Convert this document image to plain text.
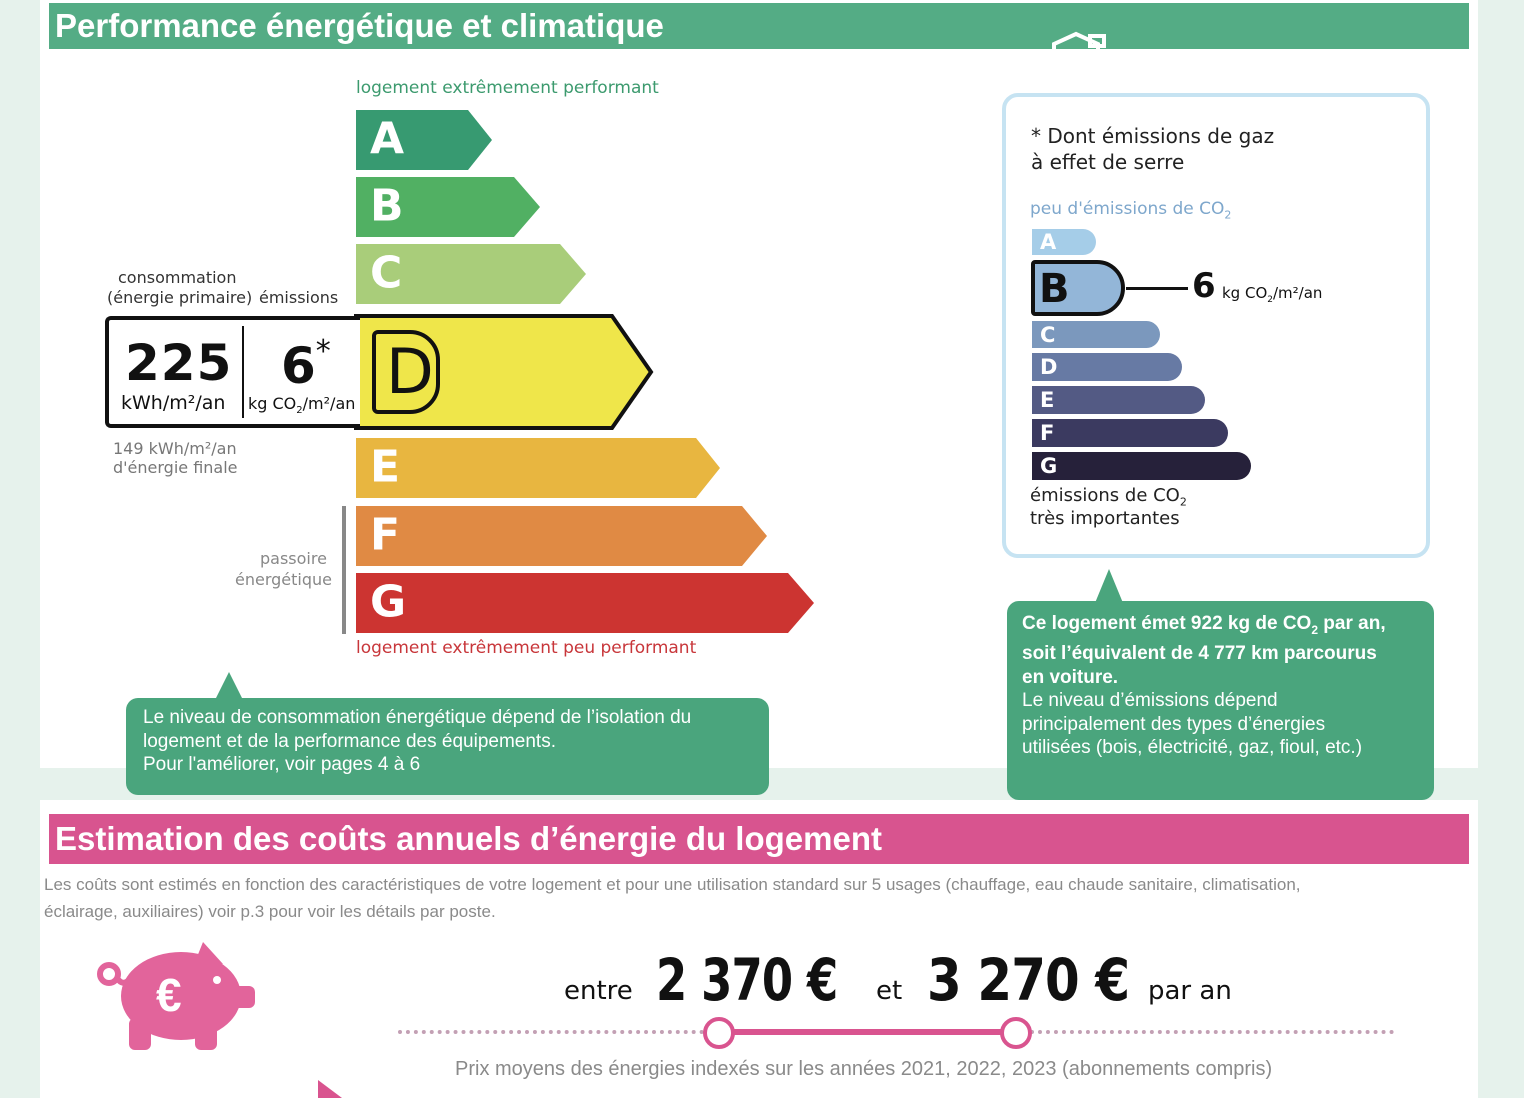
Performance énergétique et climatique
logement extrêmement performant
A
B
C
E
F
G
D
consommation
(énergie primaire) émissions
225
kWh/m²/an
6*
kg $CO_2/m^2/an$
149 kWh/m²/an
d'énergie finale
passoire
énergétique
logement extrêmement peu performant
Le niveau de consommation énergétique dépend de l’isolation du
logement et de la performance des équipements.
Pour l'améliorer, voir pages 4 à 6
* Dont émissions de gaz
à effet de serre
peu d'émissions de $CO_2$
A
B	6 kg $CO_2/m^2/an$
C
D
E
F
G
émissions de $CO_2$
très importantes
Ce logement émet 922 kg de $CO_2$ par an,
soit l’équivalent de 4 777 km parcourus
en voiture.
Le niveau d’émissions dépend
principalement des types d’énergies
utilisées (bois, électricité, gaz, fioul, etc.)
Estimation des coûts annuels d’énergie du logement
Les coûts sont estimés en fonction des caractéristiques de votre logement et pour une utilisation standard sur 5 usages (chauffage, eau chaude sanitaire, climatisation,
éclairage, auxiliaires) voir p.3 pour voir les détails par poste.
€	entre 2 370 € et 3 270 € par an
Prix moyens des énergies indexés sur les années 2021, 2022, 2023 (abonnements compris)
